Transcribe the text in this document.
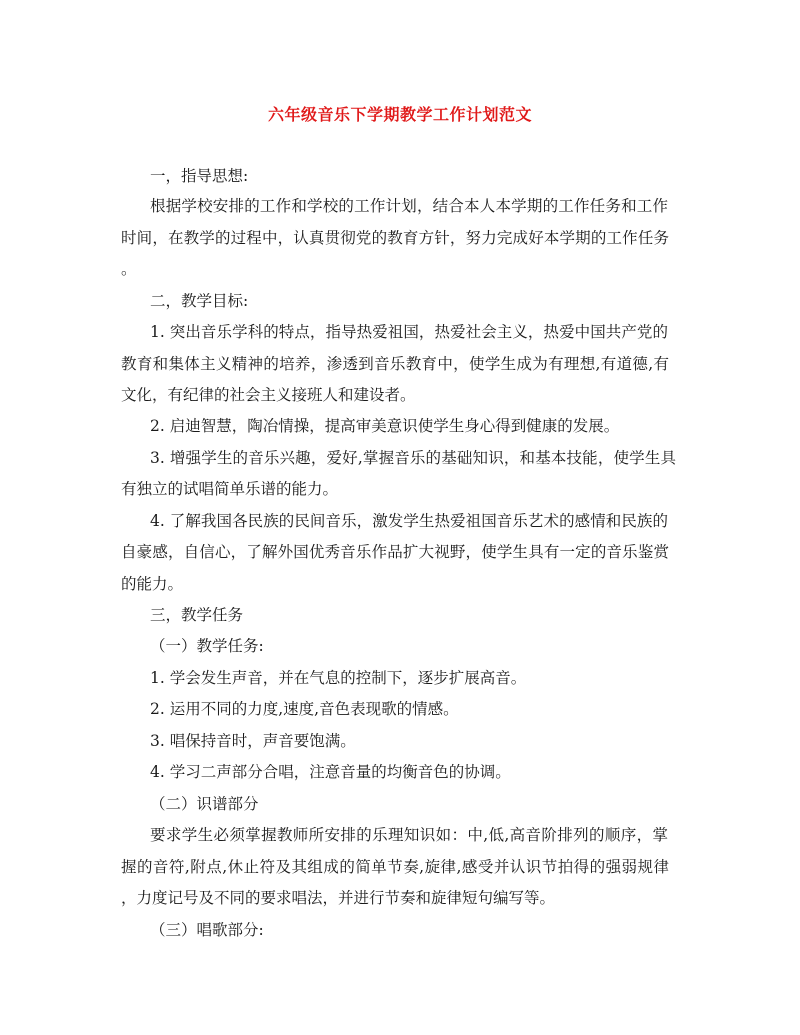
六年级音乐下学期教学工作计划范文
一，指导思想:
根据学校安排的工作和学校的工作计划，结合本人本学期的工作任务和工作
时间，在教学的过程中，认真贯彻党的教育方针，努力完成好本学期的工作任务
。
二，教学目标:
1. 突出音乐学科的特点，指导热爱祖国，热爱社会主义，热爱中国共产党的
教育和集体主义精神的培养，渗透到音乐教育中，使学生成为有理想,有道德,有
文化，有纪律的社会主义接班人和建设者。
2. 启迪智慧，陶冶情操，提高审美意识使学生身心得到健康的发展。
3. 增强学生的音乐兴趣，爱好,掌握音乐的基础知识，和基本技能，使学生具
有独立的试唱简单乐谱的能力。
4. 了解我国各民族的民间音乐，激发学生热爱祖国音乐艺术的感情和民族的
自豪感，自信心，了解外国优秀音乐作品扩大视野，使学生具有一定的音乐鉴赏
的能力。
三，教学任务
（一）教学任务:
1. 学会发生声音，并在气息的控制下，逐步扩展高音。
2. 运用不同的力度,速度,音色表现歌的情感。
3. 唱保持音时，声音要饱满。
4. 学习二声部分合唱，注意音量的均衡音色的协调。
（二）识谱部分
要求学生必须掌握教师所安排的乐理知识如：中,低,高音阶排列的顺序，掌
握的音符,附点,休止符及其组成的简单节奏,旋律,感受并认识节拍得的强弱规律
，力度记号及不同的要求唱法，并进行节奏和旋律短句编写等。
（三）唱歌部分:
